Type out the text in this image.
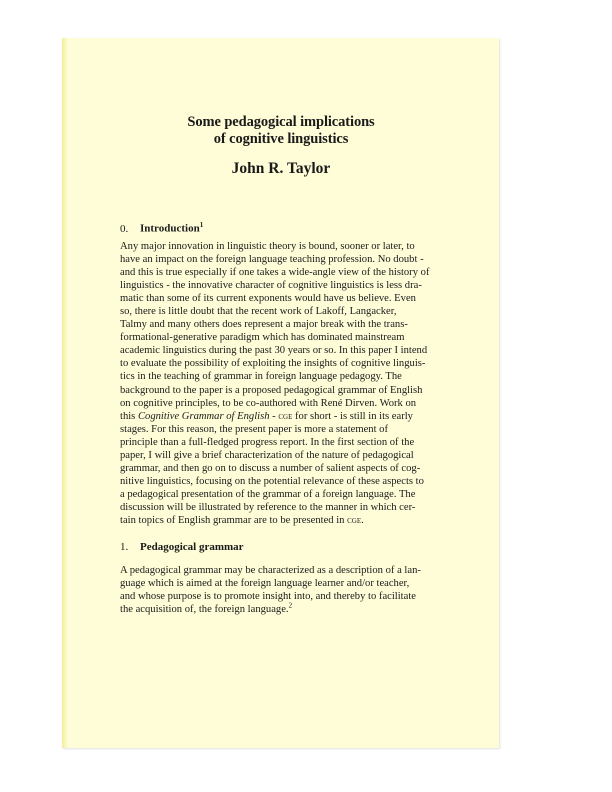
Some pedagogical implications
of cognitive linguistics
John R. Taylor
0. Introduction$^1$
Any major innovation in linguistic theory is bound, sooner or later, to
have an impact on the foreign language teaching profession. No doubt -
and this is true especially if one takes a wide-angle view of the history of
linguistics - the innovative character of cognitive linguistics is less dra-
matic than some of its current exponents would have us believe. Even
so, there is little doubt that the recent work of Lakoff, Langacker,
Talmy and many others does represent a major break with the trans-
formational-generative paradigm which has dominated mainstream
academic linguistics during the past 30 years or so. In this paper I intend
to evaluate the possibility of exploiting the insights of cognitive linguis-
tics in the teaching of grammar in foreign language pedagogy. The
background to the paper is a proposed pedagogical grammar of English
on cognitive principles, to be co-authored with René Dirven. Work on
this Cognitive Grammar of English - cge for short - is still in its early
stages. For this reason, the present paper is more a statement of
principle than a full-fledged progress report. In the first section of the
paper, I will give a brief characterization of the nature of pedagogical
grammar, and then go on to discuss a number of salient aspects of cog-
nitive linguistics, focusing on the potential relevance of these aspects to
a pedagogical presentation of the grammar of a foreign language. The
discussion will be illustrated by reference to the manner in which cer-
tain topics of English grammar are to be presented in cge.
1. Pedagogical grammar
A pedagogical grammar may be characterized as a description of a lan-
guage which is aimed at the foreign language learner and/or teacher,
and whose purpose is to promote insight into, and thereby to facilitate
the acquisition of, the foreign language.$^2$
